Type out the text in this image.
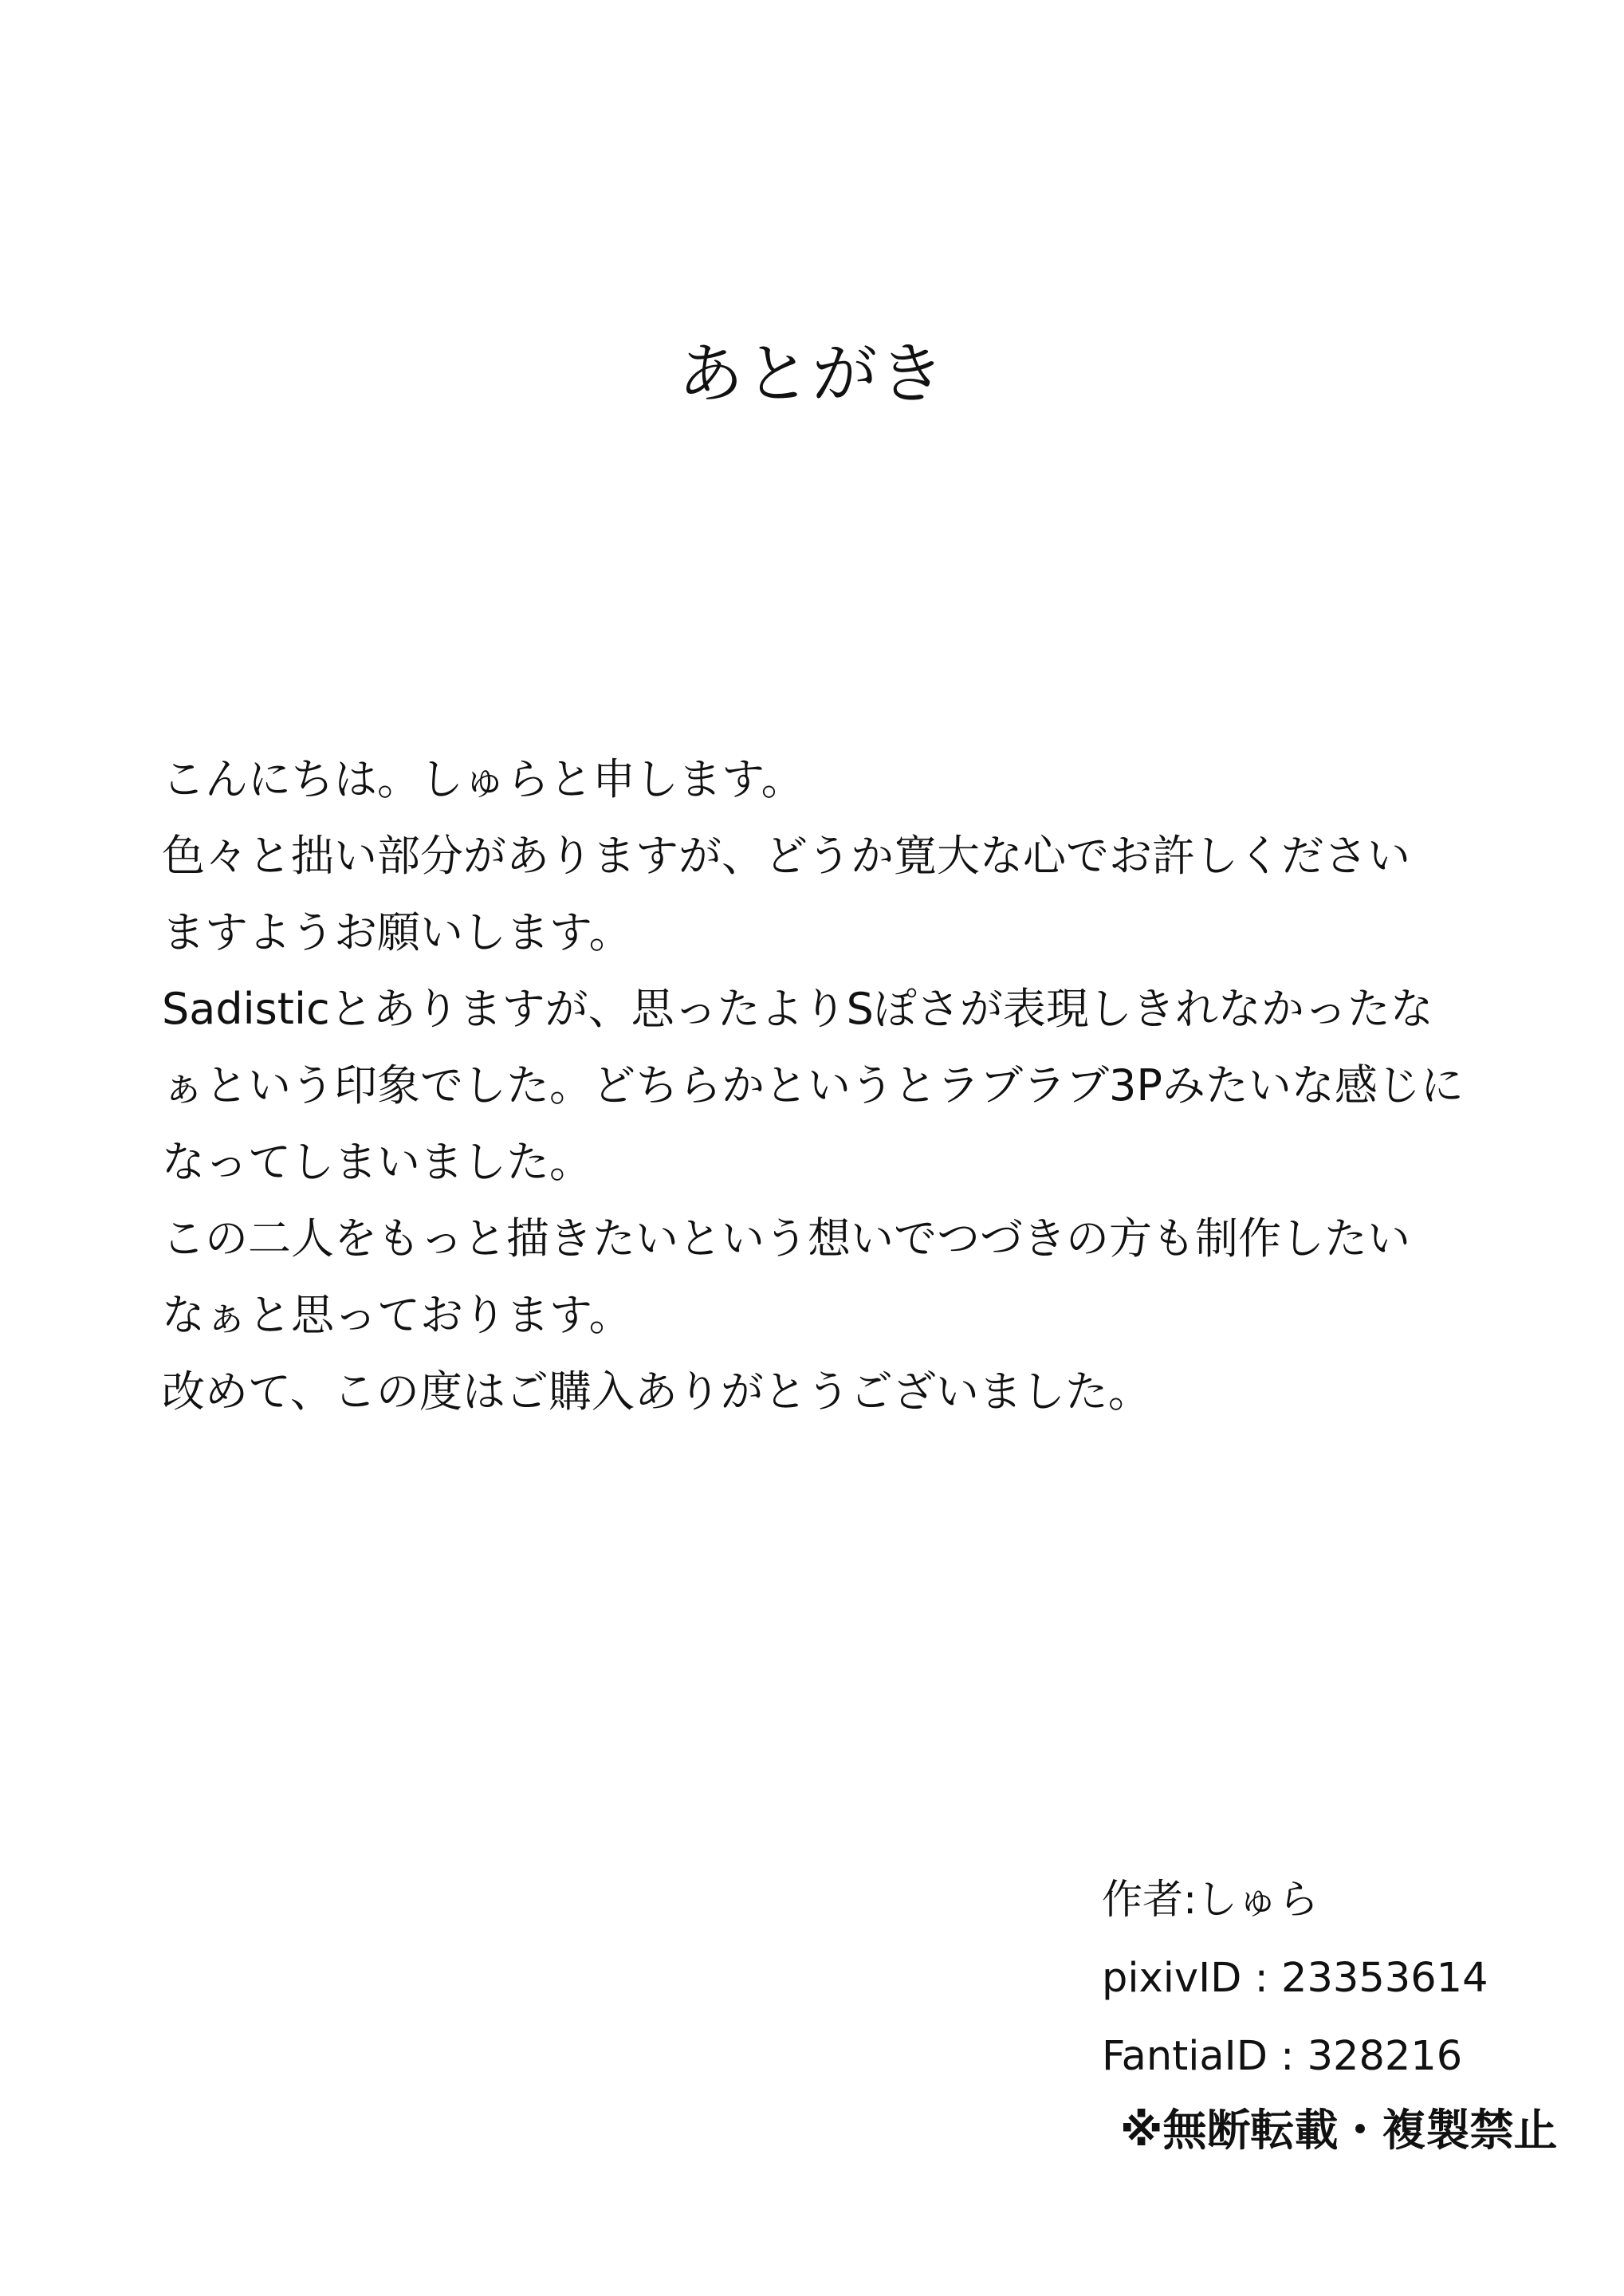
あとがき
こんにちは。しゅらと申します。
色々と拙い部分がありますが、どうか寛大な心でお許しください
ますようお願いします。
Sadisticとありますが、思ったよりSぽさが表現しきれなかったな
ぁという印象でした。どちらかというとラブラブ3Pみたいな感じに
なってしまいました。
この二人をもっと描きたいという想いでつづきの方も制作したい
なぁと思っております。
改めて、この度はご購入ありがとうございました。
作者:しゅら
pixivID : 23353614
FantiaID : 328216
※無断転載・複製禁止
